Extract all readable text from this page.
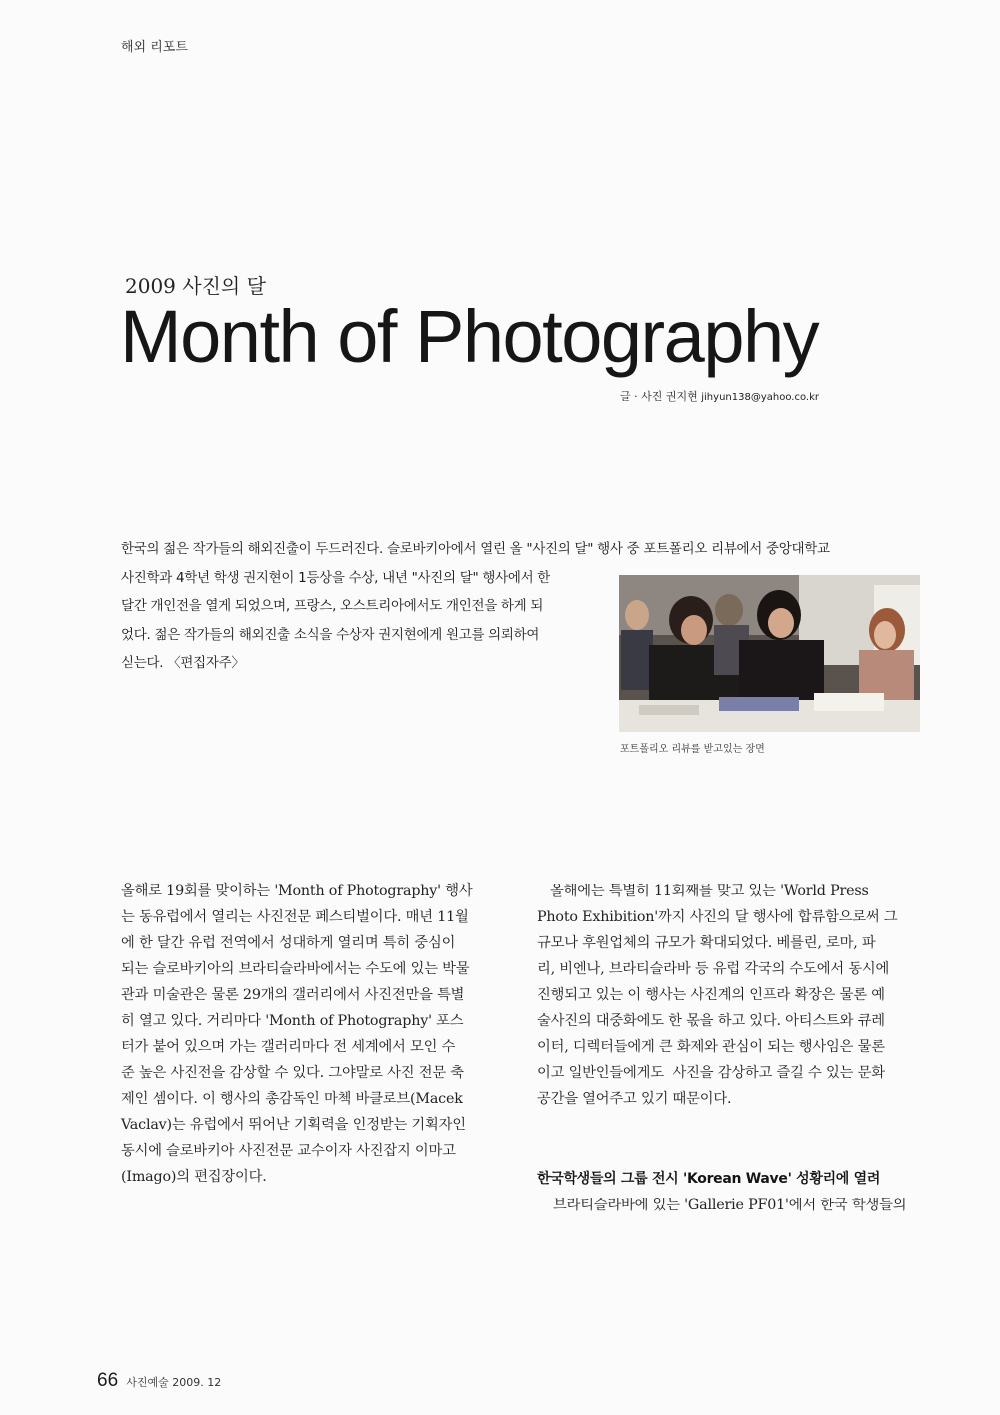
해외 리포트
2009 사진의 달
Month of Photography
글 · 사진 권지현 jihyun138@yahoo.co.kr
한국의 젊은 작가들의 해외진출이 두드러진다. 슬로바키아에서 열린 올 "사진의 달" 행사 중 포트폴리오 리뷰에서 중앙대학교
사진학과 4학년 학생 권지현이 1등상을 수상, 내년 "사진의 달" 행사에서 한
달간 개인전을 열게 되었으며, 프랑스, 오스트리아에서도 개인전을 하게 되
었다. 젊은 작가들의 해외진출 소식을 수상자 권지현에게 원고를 의뢰하여
싣는다. 〈편집자주〉
포트폴리오 리뷰를 받고있는 장면
올해로 19회를 맞이하는 'Month of Photography' 행사
는 동유럽에서 열리는 사진전문 페스티벌이다. 매년 11월
에 한 달간 유럽 전역에서 성대하게 열리며 특히 중심이
되는 슬로바키아의 브라티슬라바에서는 수도에 있는 박물
관과 미술관은 물론 29개의 갤러리에서 사진전만을 특별
히 열고 있다. 거리마다 'Month of Photography' 포스
터가 붙어 있으며 가는 갤러리마다 전 세계에서 모인 수
준 높은 사진전을 감상할 수 있다. 그야말로 사진 전문 축
제인 셈이다. 이 행사의 총감독인 마첵 바클로브(Macek
Vaclav)는 유럽에서 뛰어난 기획력을 인정받는 기획자인
동시에 슬로바키아 사진전문 교수이자 사진잡지 이마고
(Imago)의 편집장이다.
올해에는 특별히 11회째를 맞고 있는 'World Press
Photo Exhibition'까지 사진의 달 행사에 합류함으로써 그
규모나 후원업체의 규모가 확대되었다. 베를린, 로마, 파
리, 비엔나, 브라티슬라바 등 유럽 각국의 수도에서 동시에
진행되고 있는 이 행사는 사진계의 인프라 확장은 물론 예
술사진의 대중화에도 한 몫을 하고 있다. 아티스트와 큐레
이터, 디렉터들에게 큰 화제와 관심이 되는 행사임은 물론
이고 일반인들에게도  사진을 감상하고 즐길 수 있는 문화
공간을 열어주고 있기 때문이다.
한국학생들의 그룹 전시 'Korean Wave' 성황리에 열려
브라티슬라바에 있는 'Gallerie PF01'에서 한국 학생들의
66 사진예술 2009. 12
